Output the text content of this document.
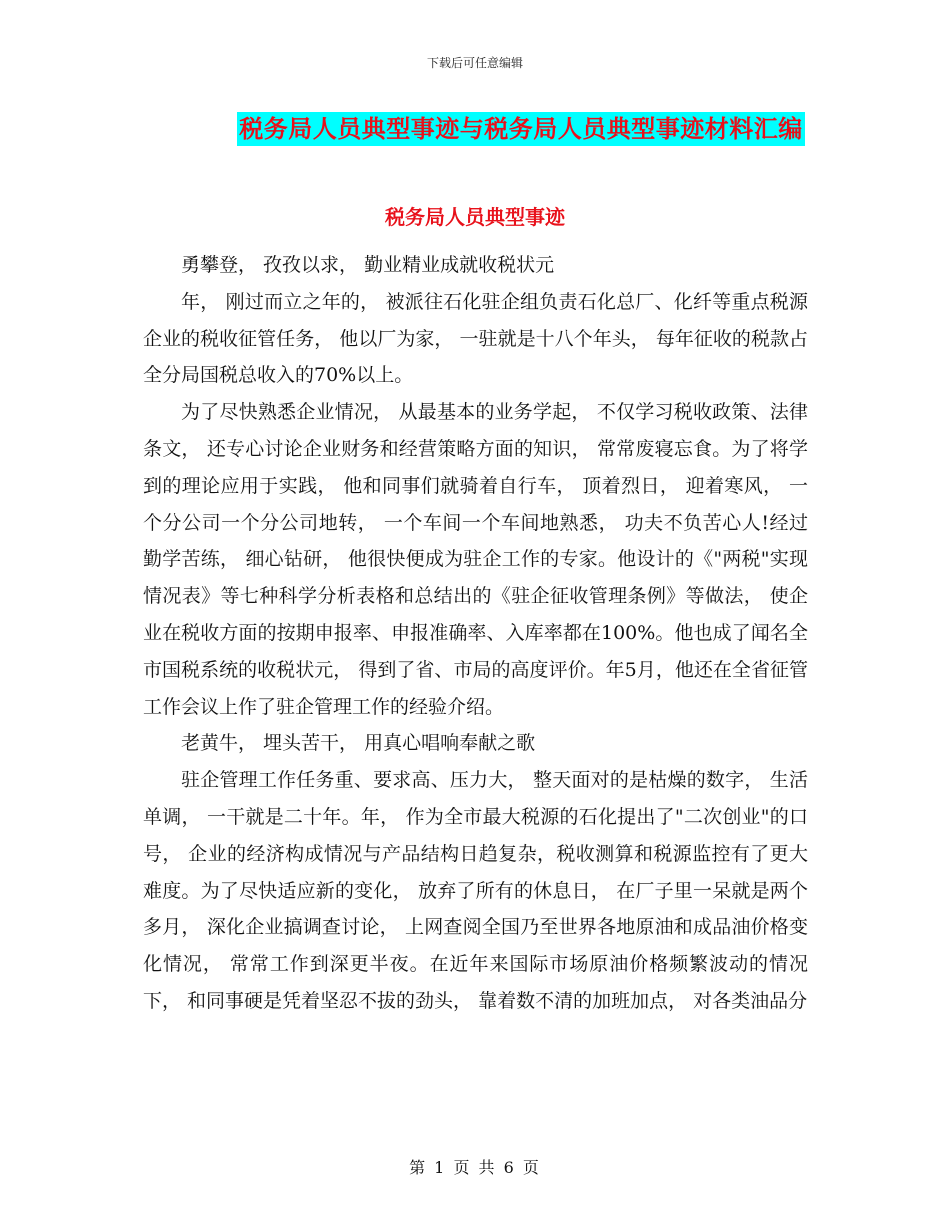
下载后可任意编辑
税务局人员典型事迹与税务局人员典型事迹材料汇编
税务局人员典型事迹

勇攀登， 孜孜以求， 勤业精业成就收税状元

年， 刚过而立之年的， 被派往石化驻企组负责石化总厂、化纤等重点税源企业的税收征管任务， 他以厂为家， 一驻就是十八个年头， 每年征收的税款占全分局国税总收入的70%以上。

为了尽快熟悉企业情况， 从最基本的业务学起， 不仅学习税收政策、法律条文， 还专心讨论企业财务和经营策略方面的知识， 常常废寝忘食。为了将学到的理论应用于实践， 他和同事们就骑着自行车， 顶着烈日， 迎着寒风， 一个分公司一个分公司地转， 一个车间一个车间地熟悉， 功夫不负苦心人!经过勤学苦练， 细心钻研， 他很快便成为驻企工作的专家。他设计的《"两税"实现情况表》等七种科学分析表格和总结出的《驻企征收管理条例》等做法， 使企业在税收方面的按期申报率、申报准确率、入库率都在100%。他也成了闻名全市国税系统的收税状元， 得到了省、市局的高度评价。年5月，他还在全省征管工作会议上作了驻企管理工作的经验介绍。

老黄牛， 埋头苦干， 用真心唱响奉献之歌

驻企管理工作任务重、要求高、压力大， 整天面对的是枯燥的数字， 生活单调， 一干就是二十年。年， 作为全市最大税源的石化提出了"二次创业"的口号， 企业的经济构成情况与产品结构日趋复杂，税收测算和税源监控有了更大难度。为了尽快适应新的变化， 放弃了所有的休息日， 在厂子里一呆就是两个多月， 深化企业搞调查讨论， 上网查阅全国乃至世界各地原油和成品油价格变化情况， 常常工作到深更半夜。在近年来国际市场原油价格频繁波动的情况下， 和同事硬是凭着坚忍不拔的劲头， 靠着数不清的加班加点， 对各类油品分

第 1 页 共 6 页
